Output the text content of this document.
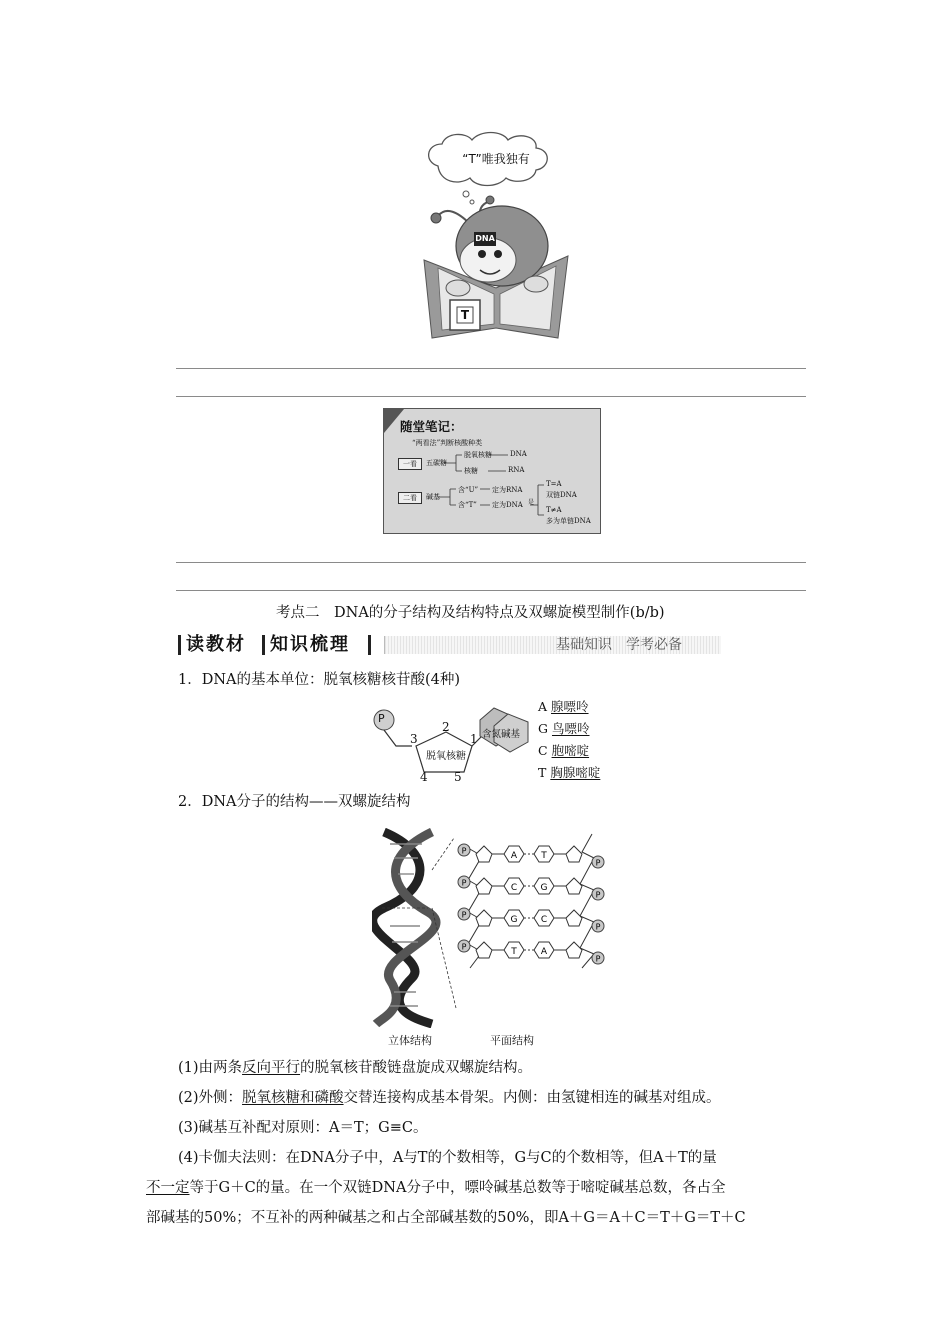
“T”唯我独有
DNA
T
随堂笔记：
“两看法”判断核酸种类
一看	五碳糖
脱氧核糖	DNA
核糖	RNA
二看	碱基
含“U” 定为RNA
含“T” 定为DNA 是
T=A
双链DNA
T≠A
多为单链DNA
考点二　DNA的分子结构及结构特点及双螺旋模型制作(b/b)
读教材 知识梳理	基础知识　学考必备
1．DNA的基本单位：脱氧核糖核苷酸(4种)
P
脱氧核糖
含氮碱基
3
2
1
4 5
A 腺嘌呤
G 鸟嘌呤
C 胞嘧啶
T 胸腺嘧啶
2．DNA分子的结构——双螺旋结构
P	A	T
P
P	C	G
P
P	G	C
P
P	T	A
P
立体结构	平面结构
(1)由两条反向平行的脱氧核苷酸链盘旋成双螺旋结构。
(2)外侧：脱氧核糖和磷酸交替连接构成基本骨架。内侧：由氢键相连的碱基对组成。
(3)碱基互补配对原则：A＝T；G≡C。
(4)卡伽夫法则：在DNA分子中，A与T的个数相等，G与C的个数相等，但A＋T的量
不一定等于G＋C的量。在一个双链DNA分子中，嘌呤碱基总数等于嘧啶碱基总数，各占全
部碱基的50%；不互补的两种碱基之和占全部碱基数的50%，即A＋G＝A＋C＝T＋G＝T＋C
